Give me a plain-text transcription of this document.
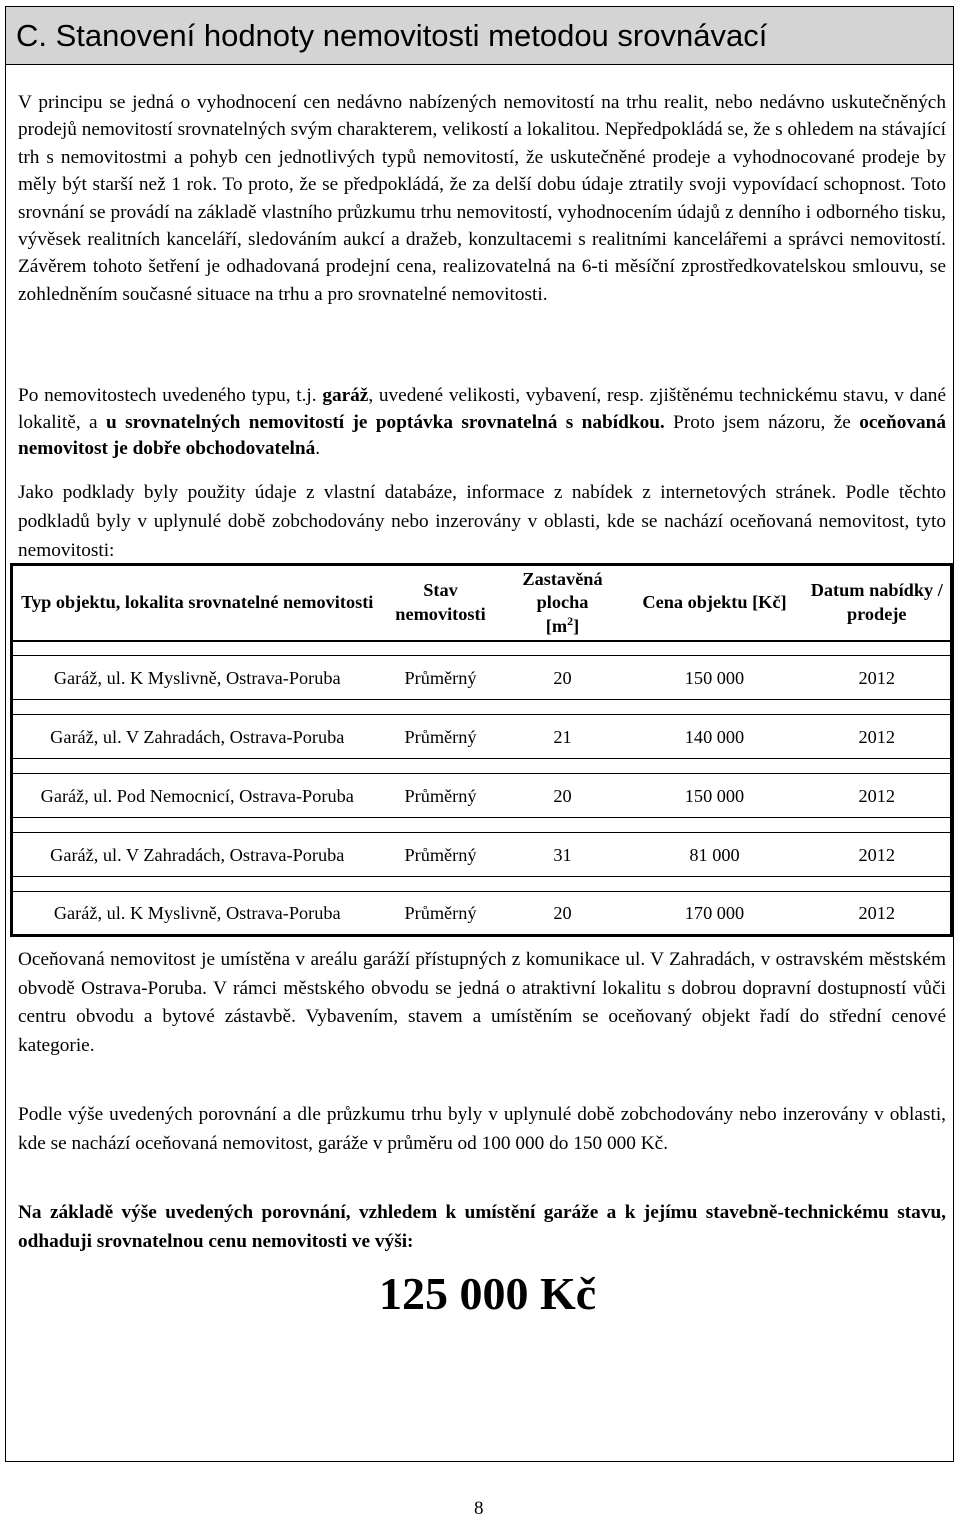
C. Stanovení hodnoty nemovitosti metodou srovnávací

V principu se jedná o vyhodnocení cen nedávno nabízených nemovitostí na trhu realit, nebo nedávno uskutečněných prodejů nemovitostí srovnatelných svým charakterem, velikostí a lokalitou. Nepředpokládá se, že s ohledem na stávající trh s nemovitostmi a pohyb cen jednotlivých typů nemovitostí, že uskutečněné prodeje a vyhodnocované prodeje by měly být starší než 1 rok. To proto, že se předpokládá, že za delší dobu údaje ztratily svoji vypovídací schopnost. Toto srovnání se provádí na základě vlastního průzkumu trhu nemovitostí, vyhodnocením údajů z denního i odborného tisku, vývěsek realitních kanceláří, sledováním aukcí a dražeb, konzultacemi s realitními kancelářemi a správci nemovitostí. Závěrem tohoto šetření je odhadovaná prodejní cena, realizovatelná na 6-ti měsíční zprostředkovatelskou smlouvu, se zohledněním současné situace na trhu a pro srovnatelné nemovitosti.

Po nemovitostech uvedeného typu, t.j. garáž, uvedené velikosti, vybavení, resp. zjištěnému technickému stavu, v dané lokalitě, a u srovnatelných nemovitostí je poptávka srovnatelná s nabídkou. Proto jsem názoru, že oceňovaná nemovitost je dobře obchodovatelná.

Jako podklady byly použity údaje z vlastní databáze, informace z nabídek z internetových stránek. Podle těchto podkladů byly v uplynulé době zobchodovány nebo inzerovány v oblasti, kde se nachází oceňovaná nemovitost, tyto nemovitosti:

Typ objektu, lokalita srovnatelné nemovitosti	Stav nemovitosti	Zastavěná
plocha
$[m^2]$	Cena objektu [Kč]	Datum nabídky / prodeje

Garáž, ul. K Myslivně, Ostrava-Poruba	Průměrný	20	150 000	2012

Garáž, ul. V Zahradách, Ostrava-Poruba	Průměrný	21	140 000	2012

Garáž, ul. Pod Nemocnicí, Ostrava-Poruba	Průměrný	20	150 000	2012

Garáž, ul. V Zahradách, Ostrava-Poruba	Průměrný	31	81 000	2012

Garáž, ul. K Myslivně, Ostrava-Poruba	Průměrný	20	170 000	2012

Oceňovaná nemovitost je umístěna v areálu garáží přístupných z komunikace ul. V Zahradách, v ostravském městském obvodě Ostrava-Poruba. V rámci městského obvodu se jedná o atraktivní lokalitu s dobrou dopravní dostupností vůči centru obvodu a bytové zástavbě. Vybavením, stavem a umístěním se oceňovaný objekt řadí do střední cenové kategorie.

Podle výše uvedených porovnání a dle průzkumu trhu byly v uplynulé době zobchodovány nebo inzerovány v oblasti, kde se nachází oceňovaná nemovitost, garáže v průměru od 100 000 do 150 000 Kč.

Na základě výše uvedených porovnání, vzhledem k umístění garáže a k jejímu stavebně-technickému stavu, odhaduji srovnatelnou cenu nemovitosti ve výši:

125 000 Kč

8
